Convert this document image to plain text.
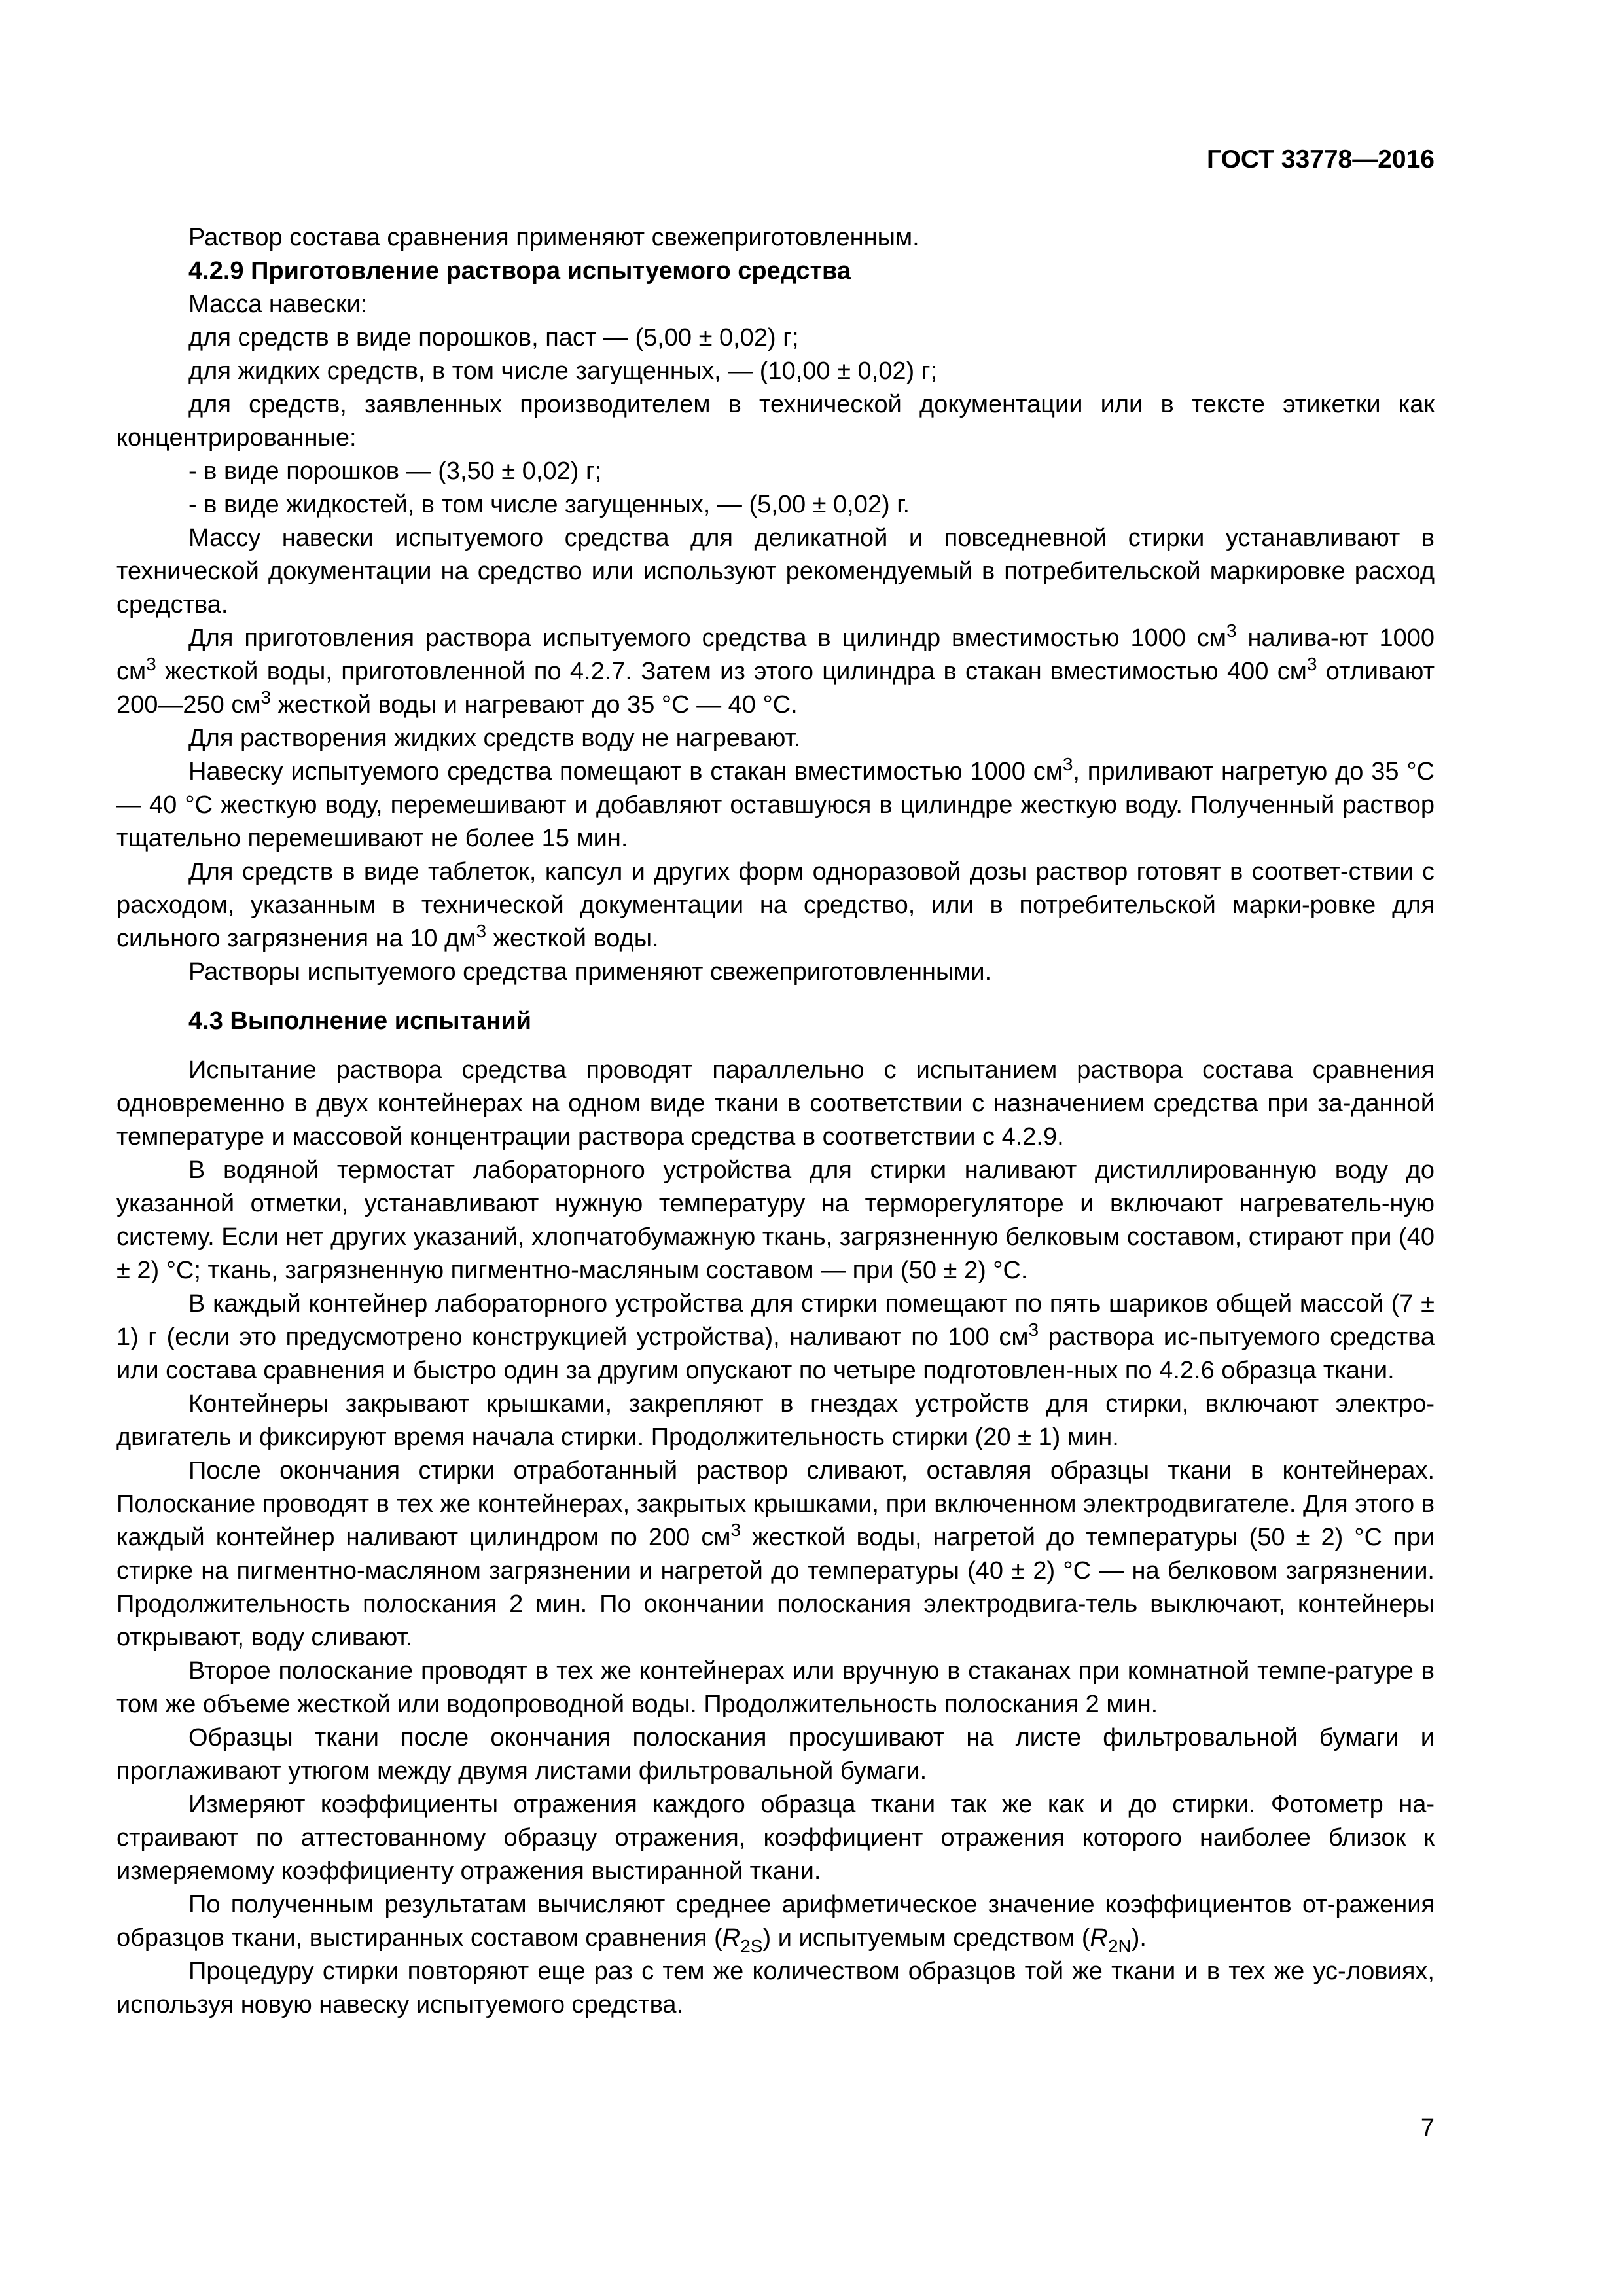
ГОСТ 33778—2016

Раствор состава сравнения применяют свежеприготовленным.

4.2.9 Приготовление раствора испытуемого средства

Масса навески:

для средств в виде порошков, паст — (5,00 ± 0,02) г;

для жидких средств, в том числе загущенных, — (10,00 ± 0,02) г;

для средств, заявленных производителем в технической документации или в тексте этикетки как концентрированные:

- в виде порошков — (3,50 ± 0,02) г;

- в виде жидкостей, в том числе загущенных, — (5,00 ± 0,02) г.

Массу навески испытуемого средства для деликатной и повседневной стирки устанавливают в технической документации на средство или используют рекомендуемый в потребительской маркировке расход средства.

Для приготовления раствора испытуемого средства в цилиндр вместимостью 1000 $см^3$ налива-ют 1000 $см^3$ жесткой воды, приготовленной по 4.2.7. Затем из этого цилиндра в стакан вместимостью 400 $см^3$ отливают 200—250 $см^3$ жесткой воды и нагревают до 35 °С — 40 °С.

Для растворения жидких средств воду не нагревают.

Навеску испытуемого средства помещают в стакан вместимостью 1000 $см^3$, приливают нагретую до 35 °С — 40 °С жесткую воду, перемешивают и добавляют оставшуюся в цилиндре жесткую воду. Полученный раствор тщательно перемешивают не более 15 мин.

Для средств в виде таблеток, капсул и других форм одноразовой дозы раствор готовят в соответ-ствии с расходом, указанным в технической документации на средство, или в потребительской марки-ровке для сильного загрязнения на 10 $дм^3$ жесткой воды.

Растворы испытуемого средства применяют свежеприготовленными.

4.3 Выполнение испытаний

Испытание раствора средства проводят параллельно с испытанием раствора состава сравнения одновременно в двух контейнерах на одном виде ткани в соответствии с назначением средства при за-данной температуре и массовой концентрации раствора средства в соответствии с 4.2.9.

В водяной термостат лабораторного устройства для стирки наливают дистиллированную воду до указанной отметки, устанавливают нужную температуру на терморегуляторе и включают нагреватель-ную систему. Если нет других указаний, хлопчатобумажную ткань, загрязненную белковым составом, стирают при (40 ± 2) °С; ткань, загрязненную пигментно-масляным составом — при (50 ± 2) °С.

В каждый контейнер лабораторного устройства для стирки помещают по пять шариков общей массой (7 ± 1) г (если это предусмотрено конструкцией устройства), наливают по 100 $см^3$ раствора ис-пытуемого средства или состава сравнения и быстро один за другим опускают по четыре подготовлен-ных по 4.2.6 образца ткани.

Контейнеры закрывают крышками, закрепляют в гнездах устройств для стирки, включают электро-двигатель и фиксируют время начала стирки. Продолжительность стирки (20 ± 1) мин.

После окончания стирки отработанный раствор сливают, оставляя образцы ткани в контейнерах. Полоскание проводят в тех же контейнерах, закрытых крышками, при включенном электродвигателе. Для этого в каждый контейнер наливают цилиндром по 200 $см^3$ жесткой воды, нагретой до температуры (50 ± 2) °С при стирке на пигментно-масляном загрязнении и нагретой до температуры (40 ± 2) °С — на белковом загрязнении. Продолжительность полоскания 2 мин. По окончании полоскания электродвига-тель выключают, контейнеры открывают, воду сливают.

Второе полоскание проводят в тех же контейнерах или вручную в стаканах при комнатной темпе-ратуре в том же объеме жесткой или водопроводной воды. Продолжительность полоскания 2 мин.

Образцы ткани после окончания полоскания просушивают на листе фильтровальной бумаги и проглаживают утюгом между двумя листами фильтровальной бумаги.

Измеряют коэффициенты отражения каждого образца ткани так же как и до стирки. Фотометр на-страивают по аттестованному образцу отражения, коэффициент отражения которого наиболее близок к измеряемому коэффициенту отражения выстиранной ткани.

По полученным результатам вычисляют среднее арифметическое значение коэффициентов от-ражения образцов ткани, выстиранных составом сравнения $(R_{2S})$ и испытуемым средством $(R_{2N})$.

Процедуру стирки повторяют еще раз с тем же количеством образцов той же ткани и в тех же ус-ловиях, используя новую навеску испытуемого средства.

7
